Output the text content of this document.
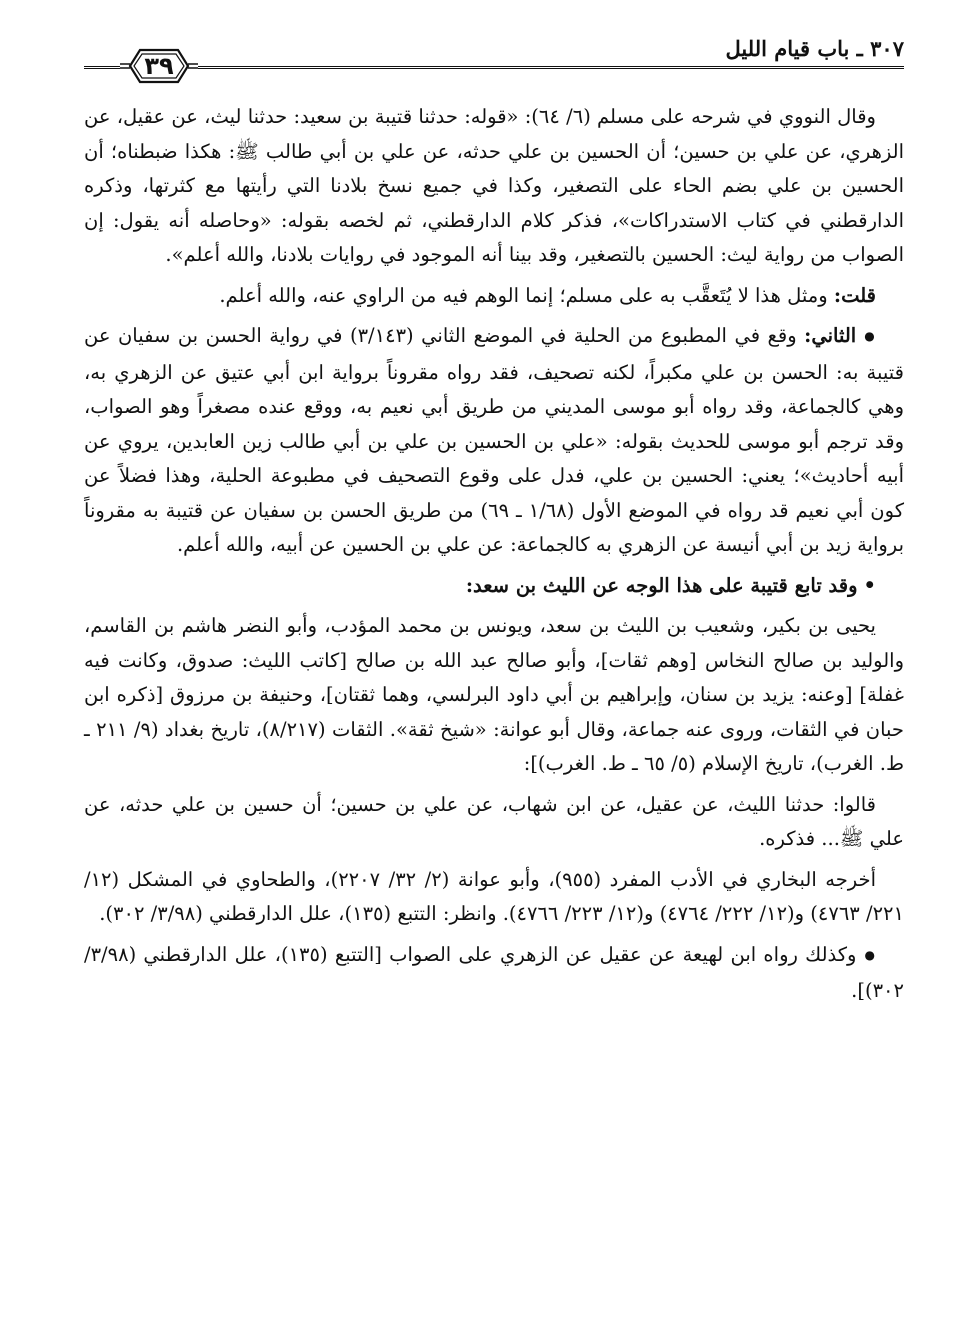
٣٠٧ ـ باب قيام الليل
٣٩

وقال النووي في شرحه على مسلم (٦/ ٦٤): «قوله: حدثنا قتيبة بن سعيد: حدثنا ليث، عن عقيل، عن الزهري، عن علي بن حسين؛ أن الحسين بن علي حدثه، عن علي بن أبي طالب ﷺ: هكذا ضبطناه؛ أن الحسين بن علي بضم الحاء على التصغير، وكذا في جميع نسخ بلادنا التي رأيتها مع كثرتها، وذكره الدارقطني في كتاب الاستدراكات»، فذكر كلام الدارقطني، ثم لخصه بقوله: «وحاصله أنه يقول: إن الصواب من رواية ليث: الحسين بالتصغير، وقد بينا أنه الموجود في روايات بلادنا، والله أعلم».

قلت: ومثل هذا لا يُتَعقَّب به على مسلم؛ إنما الوهم فيه من الراوي عنه، والله أعلم.

● الثاني: وقع في المطبوع من الحلية في الموضع الثاني (٣/١٤٣) في رواية الحسن بن سفيان عن قتيبة به: الحسن بن علي مكبراً، لكنه تصحيف، فقد رواه مقروناً برواية ابن أبي عتيق عن الزهري به، وهي كالجماعة، وقد رواه أبو موسى المديني من طريق أبي نعيم به، ووقع عنده مصغراً وهو الصواب، وقد ترجم أبو موسى للحديث بقوله: «علي بن الحسين بن علي بن أبي طالب زين العابدين، يروي عن أبيه أحاديث»؛ يعني: الحسين بن علي، فدل على وقوع التصحيف في مطبوعة الحلية، وهذا فضلاً عن كون أبي نعيم قد رواه في الموضع الأول (١/٦٨ ـ ٦٩) من طريق الحسن بن سفيان عن قتيبة به مقروناً برواية زيد بن أبي أنيسة عن الزهري به كالجماعة: عن علي بن الحسين عن أبيه، والله أعلم.

• وقد تابع قتيبة على هذا الوجه عن الليث بن سعد:

يحيى بن بكير، وشعيب بن الليث بن سعد، ويونس بن محمد المؤدب، وأبو النضر هاشم بن القاسم، والوليد بن صالح النخاس [وهم ثقات]، وأبو صالح عبد الله بن صالح [كاتب الليث: صدوق، وكانت فيه غفلة] [وعنه: يزيد بن سنان، وإبراهيم بن أبي داود البرلسي، وهما ثقتان]، وحنيفة بن مرزوق [ذكره ابن حبان في الثقات، وروى عنه جماعة، وقال أبو عوانة: «شيخ ثقة». الثقات (٨/٢١٧)، تاريخ بغداد (٩/ ٢١١ ـ ط. الغرب)، تاريخ الإسلام (٥/ ٦٥ ـ ط. الغرب)]:

قالوا: حدثنا الليث، عن عقيل، عن ابن شهاب، عن علي بن حسين؛ أن حسين بن علي حدثه، عن علي ﷺ... فذكره.

أخرجه البخاري في الأدب المفرد (٩٥٥)، وأبو عوانة (٢/ ٣٢/ ٢٢٠٧)، والطحاوي في المشكل (١٢/ ٢٢١/ ٤٧٦٣) و(١٢/ ٢٢٢/ ٤٧٦٤) و(١٢/ ٢٢٣/ ٤٧٦٦). وانظر: التتبع (١٣٥)، علل الدارقطني (٣/٩٨/ ٣٠٢).

● وكذلك رواه ابن لهيعة عن عقيل عن الزهري على الصواب [التتبع (١٣٥)، علل الدارقطني (٣/٩٨/ ٣٠٢)].
